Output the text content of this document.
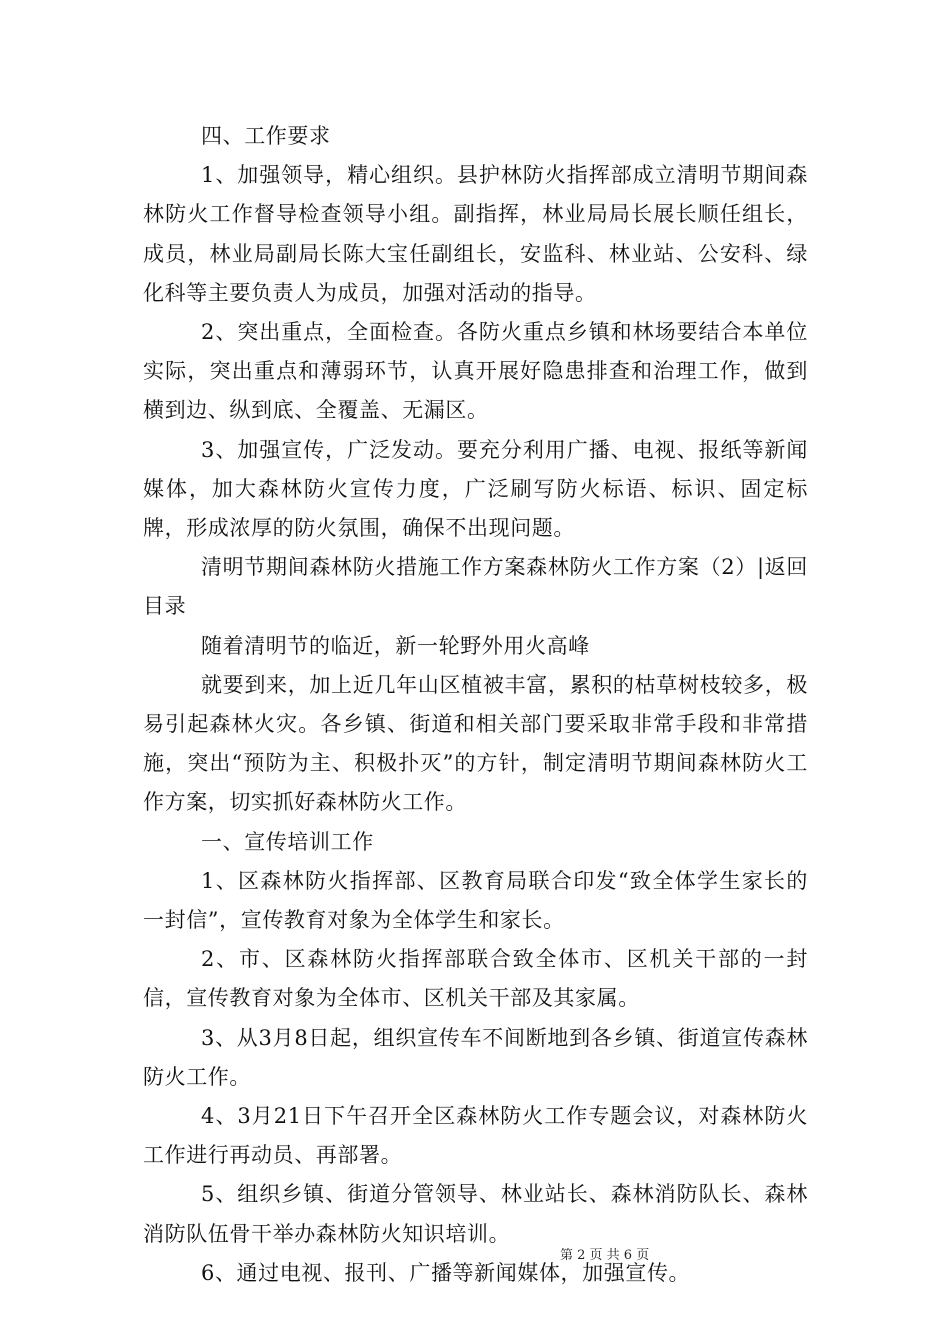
四、工作要求

1、加强领导，精心组织。县护林防火指挥部成立清明节期间森林防火工作督导检查领导小组。副指挥，林业局局长展长顺任组长，成员，林业局副局长陈大宝任副组长，安监科、林业站、公安科、绿化科等主要负责人为成员，加强对活动的指导。

2、突出重点，全面检查。各防火重点乡镇和林场要结合本单位实际，突出重点和薄弱环节，认真开展好隐患排查和治理工作，做到横到边、纵到底、全覆盖、无漏区。

3、加强宣传，广泛发动。要充分利用广播、电视、报纸等新闻媒体，加大森林防火宣传力度，广泛刷写防火标语、标识、固定标牌，形成浓厚的防火氛围，确保不出现问题。

清明节期间森林防火措施工作方案森林防火工作方案（2）|返回目录

随着清明节的临近，新一轮野外用火高峰

就要到来，加上近几年山区植被丰富，累积的枯草树枝较多，极易引起森林火灾。各乡镇、街道和相关部门要采取非常手段和非常措施，突出“预防为主、积极扑灭”的方针，制定清明节期间森林防火工作方案，切实抓好森林防火工作。

一、宣传培训工作

1、区森林防火指挥部、区教育局联合印发“致全体学生家长的一封信”，宣传教育对象为全体学生和家长。

2、市、区森林防火指挥部联合致全体市、区机关干部的一封信，宣传教育对象为全体市、区机关干部及其家属。

3、从3月8日起，组织宣传车不间断地到各乡镇、街道宣传森林防火工作。

4、3月21日下午召开全区森林防火工作专题会议，对森林防火工作进行再动员、再部署。

5、组织乡镇、街道分管领导、林业站长、森林消防队长、森林消防队伍骨干举办森林防火知识培训。

6、通过电视、报刊、广播等新闻媒体，加强宣传。

第 2 页 共 6 页
